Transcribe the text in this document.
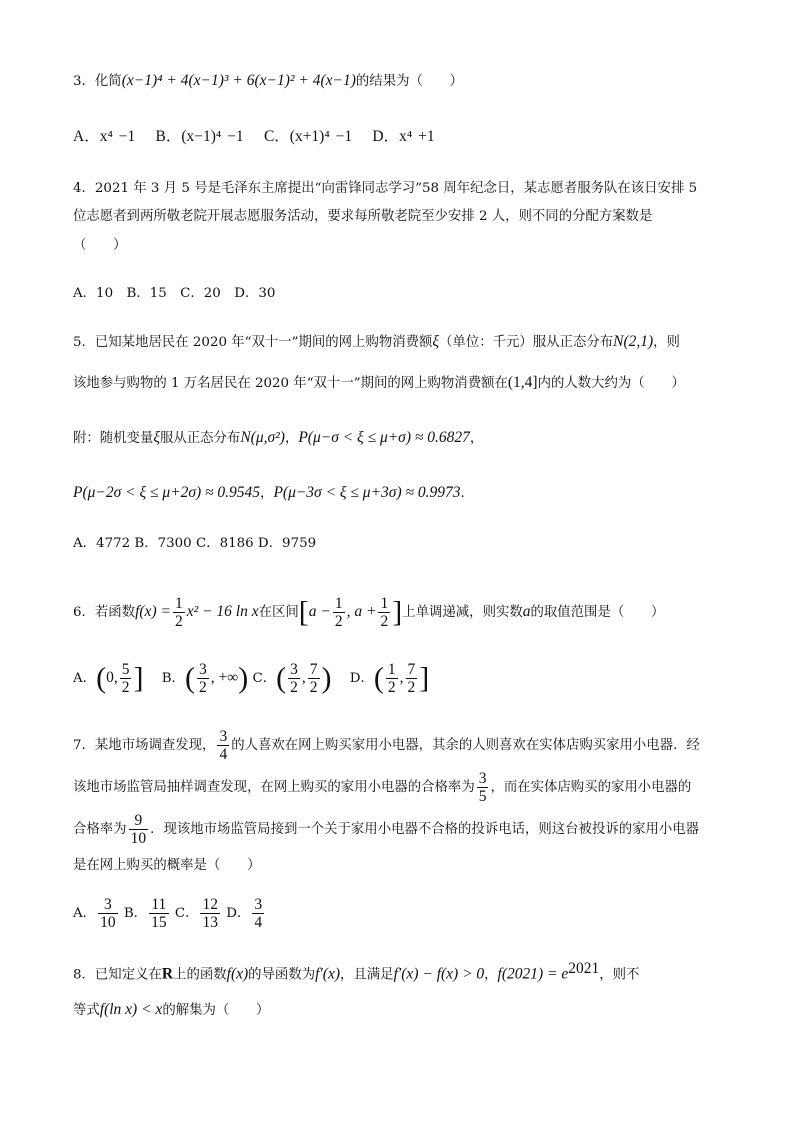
3．化简(x−1)⁴ + 4(x−1)³ + 6(x−1)² + 4(x−1)的结果为（　　）
A．x⁴ −1 B．(x−1)⁴ −1 C．(x+1)⁴ −1 D．x⁴ +1
4．2021 年 3 月 5 号是毛泽东主席提出“向雷锋同志学习”58 周年纪念日，某志愿者服务队在该日安排 5
位志愿者到两所敬老院开展志愿服务活动，要求每所敬老院至少安排 2 人，则不同的分配方案数是
（　　）
A．10　B．15　C．20　D．30
5．已知某地居民在 2020 年“双十一”期间的网上购物消费额ξ（单位：千元）服从正态分布N(2,1)，则
该地参与购物的 1 万名居民在 2020 年“双十一”期间的网上购物消费额在(1,4]内的人数大约为（　　）
附：随机变量ξ服从正态分布N(μ,σ²)，P(μ−σ < ξ ≤ μ+σ) ≈ 0.6827，
P(μ−2σ < ξ ≤ μ+2σ) ≈ 0.9545，P(μ−3σ < ξ ≤ μ+3σ) ≈ 0.9973．
A．4772 B．7300 C．8186 D．9759
6．若函数$f(x) = \frac{1}{2} x^2 - 16$ ln x在区间[$a - \frac{1}{2}$ , $a + \frac{1}{2}$ ]上单调递减，则实数a的取值范围是（　　）
A．(0, $\frac{5}{2}$ ] B．( $\frac{3}{2}$ , +∞) C．( $\frac{3}{2}$ , $\frac{7}{2}$ ) D．( $\frac{1}{2}$ , $\frac{7}{2}$ ]
7．某地市场调查发现， $\frac{3}{4}$ 的人喜欢在网上购买家用小电器，其余的人则喜欢在实体店购买家用小电器．经
该地市场监管局抽样调查发现，在网上购买的家用小电器的合格率为 $\frac{3}{5}$ ，而在实体店购买的家用小电器的
合格率为 $\frac{9}{10}$ ．现该地市场监管局接到一个关于家用小电器不合格的投诉电话，则这台被投诉的家用小电器
是在网上购买的概率是（　　）
A． $\frac{3}{10}$ B． $\frac{11}{15}$ C． $\frac{12}{13}$ D． $\frac{3}{4}$
8．已知定义在R上的函数f(x)的导函数为f′(x)，且满足f′(x) − f(x) > 0，$f(2021) = e^{2021}$，则不
等式f(ln x) < x的解集为（　　）
